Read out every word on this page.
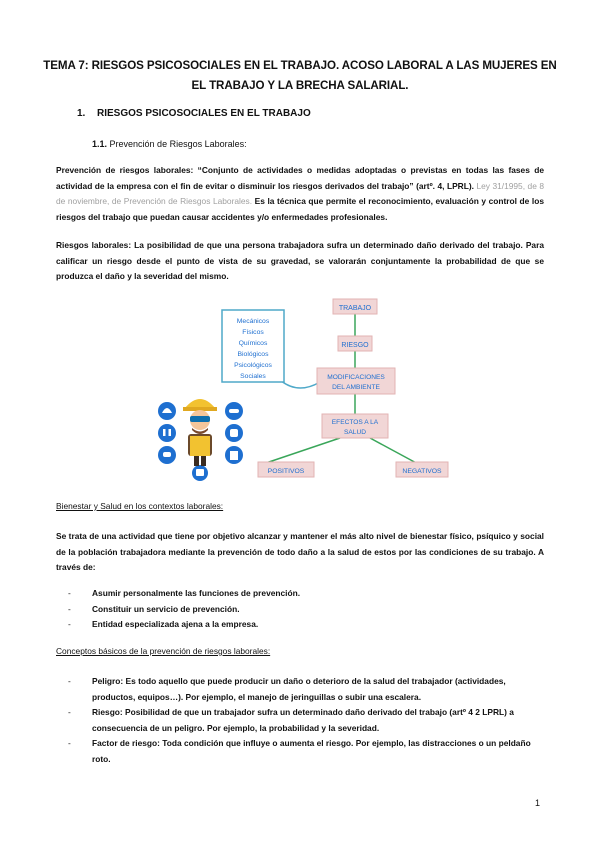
TEMA 7: RIESGOS PSICOSOCIALES EN EL TRABAJO. ACOSO LABORAL A LAS MUJERES EN
EL TRABAJO Y LA BRECHA SALARIAL.
1. RIESGOS PSICOSOCIALES EN EL TRABAJO
1.1. Prevención de Riesgos Laborales:
Prevención de riesgos laborales: “Conjunto de actividades o medidas adoptadas o previstas en todas las fases de actividad de la empresa con el fin de evitar o disminuir los riesgos derivados del trabajo” (artº. 4, LPRL). Ley 31/1995, de 8 de noviembre, de Prevención de Riesgos Laborales. Es la técnica que permite el reconocimiento, evaluación y control de los riesgos del trabajo que puedan causar accidentes y/o enfermedades profesionales.
Riesgos laborales: La posibilidad de que una persona trabajadora sufra un determinado daño derivado del trabajo. Para calificar un riesgo desde el punto de vista de su gravedad, se valorarán conjuntamente la probabilidad de que se produzca el daño y la severidad del mismo.
Mecánicos
Físicos
Químicos
Biológicos
Psicológicos
Sociales
TRABAJO
RIESGO
MODIFICACIONES
DEL AMBIENTE
EFECTOS A LA
SALUD
POSITIVOS	NEGATIVOS
Bienestar y Salud en los contextos laborales:
Se trata de una actividad que tiene por objetivo alcanzar y mantener el más alto nivel de bienestar físico, psíquico y social de la población trabajadora mediante la prevención de todo daño a la salud de estos por las condiciones de su trabajo. A través de:
-	Asumir personalmente las funciones de prevención.
-	Constituir un servicio de prevención.
-	Entidad especializada ajena a la empresa.
Conceptos básicos de la prevención de riesgos laborales:
-	Peligro: Es todo aquello que puede producir un daño o deterioro de la salud del trabajador (actividades, productos, equipos…). Por ejemplo, el manejo de jeringuillas o subir una escalera.
-	Riesgo: Posibilidad de que un trabajador sufra un determinado daño derivado del trabajo (artº 4 2 LPRL) a consecuencia de un peligro. Por ejemplo, la probabilidad y la severidad.
-	Factor de riesgo: Toda condición que influye o aumenta el riesgo. Por ejemplo, las distracciones o un peldaño roto.
1
